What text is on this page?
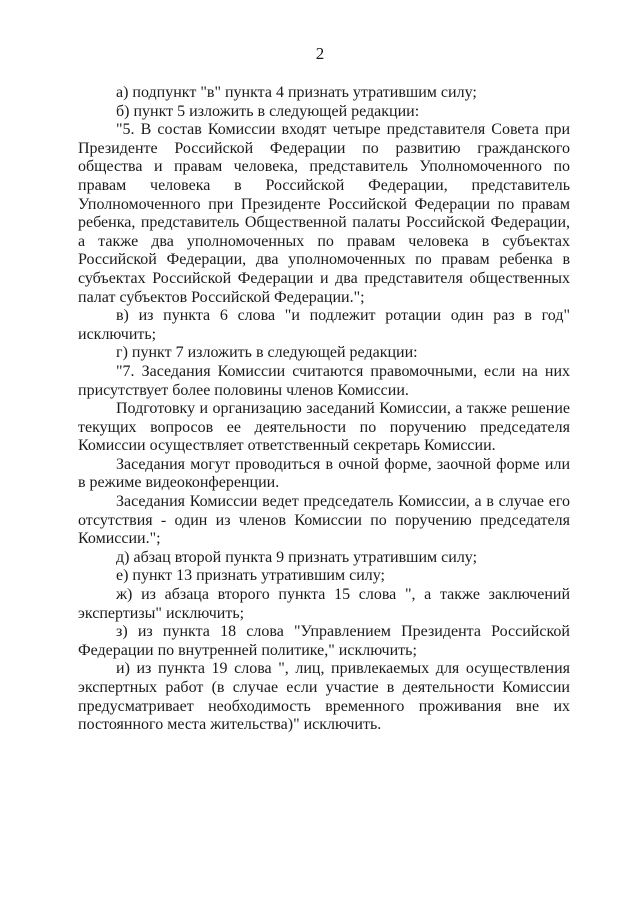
2

а) подпункт "в" пункта 4 признать утратившим силу;

б) пункт 5 изложить в следующей редакции:

"5. В состав Комиссии входят четыре представителя Совета при Президенте Российской Федерации по развитию гражданского общества и правам человека, представитель Уполномоченного по правам человека в Российской Федерации, представитель Уполномоченного при Президенте Российской Федерации по правам ребенка, представитель Общественной палаты Российской Федерации, а также два уполномоченных по правам человека в субъектах Российской Федерации, два уполномоченных по правам ребенка в субъектах Российской Федерации и два представителя общественных палат субъектов Российской Федерации.";

в) из пункта 6 слова "и подлежит ротации один раз в год" исключить;

г) пункт 7 изложить в следующей редакции:

"7. Заседания Комиссии считаются правомочными, если на них присутствует более половины членов Комиссии.

Подготовку и организацию заседаний Комиссии, а также решение текущих вопросов ее деятельности по поручению председателя Комиссии осуществляет ответственный секретарь Комиссии.

Заседания могут проводиться в очной форме, заочной форме или в режиме видеоконференции.

Заседания Комиссии ведет председатель Комиссии, а в случае его отсутствия - один из членов Комиссии по поручению председателя Комиссии.";

д) абзац второй пункта 9 признать утратившим силу;

е) пункт 13 признать утратившим силу;

ж) из абзаца второго пункта 15 слова ", а также заключений экспертизы" исключить;

з) из пункта 18 слова "Управлением Президента Российской Федерации по внутренней политике," исключить;

и) из пункта 19 слова ", лиц, привлекаемых для осуществления экспертных работ (в случае если участие в деятельности Комиссии предусматривает необходимость временного проживания вне их постоянного места жительства)" исключить.
